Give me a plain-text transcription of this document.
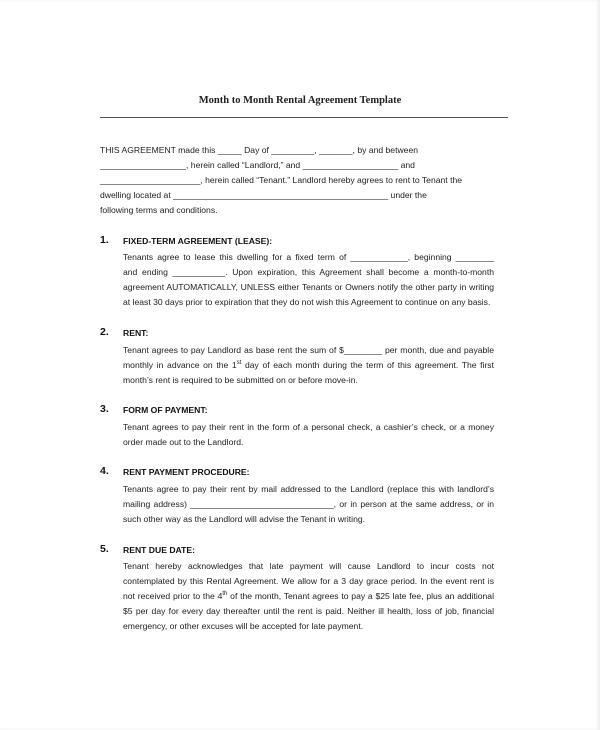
Month to Month Rental Agreement Template
THIS AGREEMENT made this _____ Day of _________, _______, by and between
__________________, herein called “Landlord,” and ____________________ and
_____________________, herein called “Tenant.” Landlord hereby agrees to rent to Tenant the
dwelling located at _____________________________________________ under the
following terms and conditions.
1. FIXED-TERM AGREEMENT (LEASE):
Tenants agree to lease this dwelling for a fixed term of ____________, beginning ________
and ending ___________. Upon expiration, this Agreement shall become a month-to-month
agreement AUTOMATICALLY, UNLESS either Tenants or Owners notify the other party in writing
at least 30 days prior to expiration that they do not wish this Agreement to continue on any basis.
2. RENT:
Tenant agrees to pay Landlord as base rent the sum of $________ per month, due and payable
monthly in advance on the 1st day of each month during the term of this agreement. The first
month’s rent is required to be submitted on or before move-in.
3. FORM OF PAYMENT:
Tenant agrees to pay their rent in the form of a personal check, a cashier’s check, or a money
order made out to the Landlord.
4. RENT PAYMENT PROCEDURE:
Tenants agree to pay their rent by mail addressed to the Landlord (replace this with landlord’s
mailing address) ______________________________, or in person at the same address, or in
such other way as the Landlord will advise the Tenant in writing.
5. RENT DUE DATE:
Tenant hereby acknowledges that late payment will cause Landlord to incur costs not
contemplated by this Rental Agreement. We allow for a 3 day grace period. In the event rent is
not received prior to the 4th of the month, Tenant agrees to pay a $25 late fee, plus an additional
$5 per day for every day thereafter until the rent is paid. Neither ill health, loss of job, financial
emergency, or other excuses will be accepted for late payment.
